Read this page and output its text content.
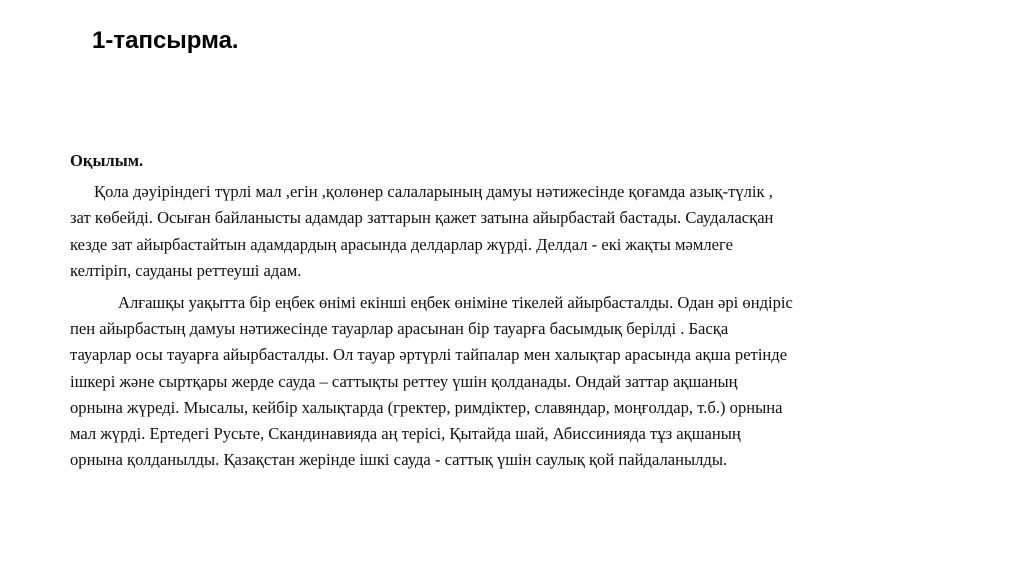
1-тапсырма.
Оқылым.
Қола дәуіріндегі түрлі мал ,егін ,қолөнер салаларының дамуы нәтижесінде қоғамда азық-түлік ,
зат көбейді. Осыған байланысты адамдар заттарын қажет затына айырбастай бастады. Саудаласқан
кезде зат айырбастайтын адамдардың арасында делдарлар жүрді. Делдал - екі жақты мәмлеге
келтіріп, сауданы реттеуші адам.
Алғашқы уақытта бір еңбек өнімі екінші еңбек өніміне тікелей айырбасталды. Одан әрі өндіріс
пен айырбастың дамуы нәтижесінде тауарлар арасынан бір тауарға басымдық берілді . Басқа
тауарлар осы тауарға айырбасталды. Ол тауар әртүрлі тайпалар мен халықтар арасында ақша ретінде
ішкері және сыртқары жерде сауда – саттықты реттеу үшін қолданады. Ондай заттар ақшаның
орнына жүреді. Мысалы, кейбір халықтарда (гректер, римдіктер, славяндар, моңғолдар, т.б.) орнына
мал жүрді. Ертедегі Русьте, Скандинавияда аң терісі, Қытайда шай, Абиссинияда тұз ақшаның
орнына қолданылды. Қазақстан жерінде ішкі сауда - саттық үшін саулық қой пайдаланылды.
